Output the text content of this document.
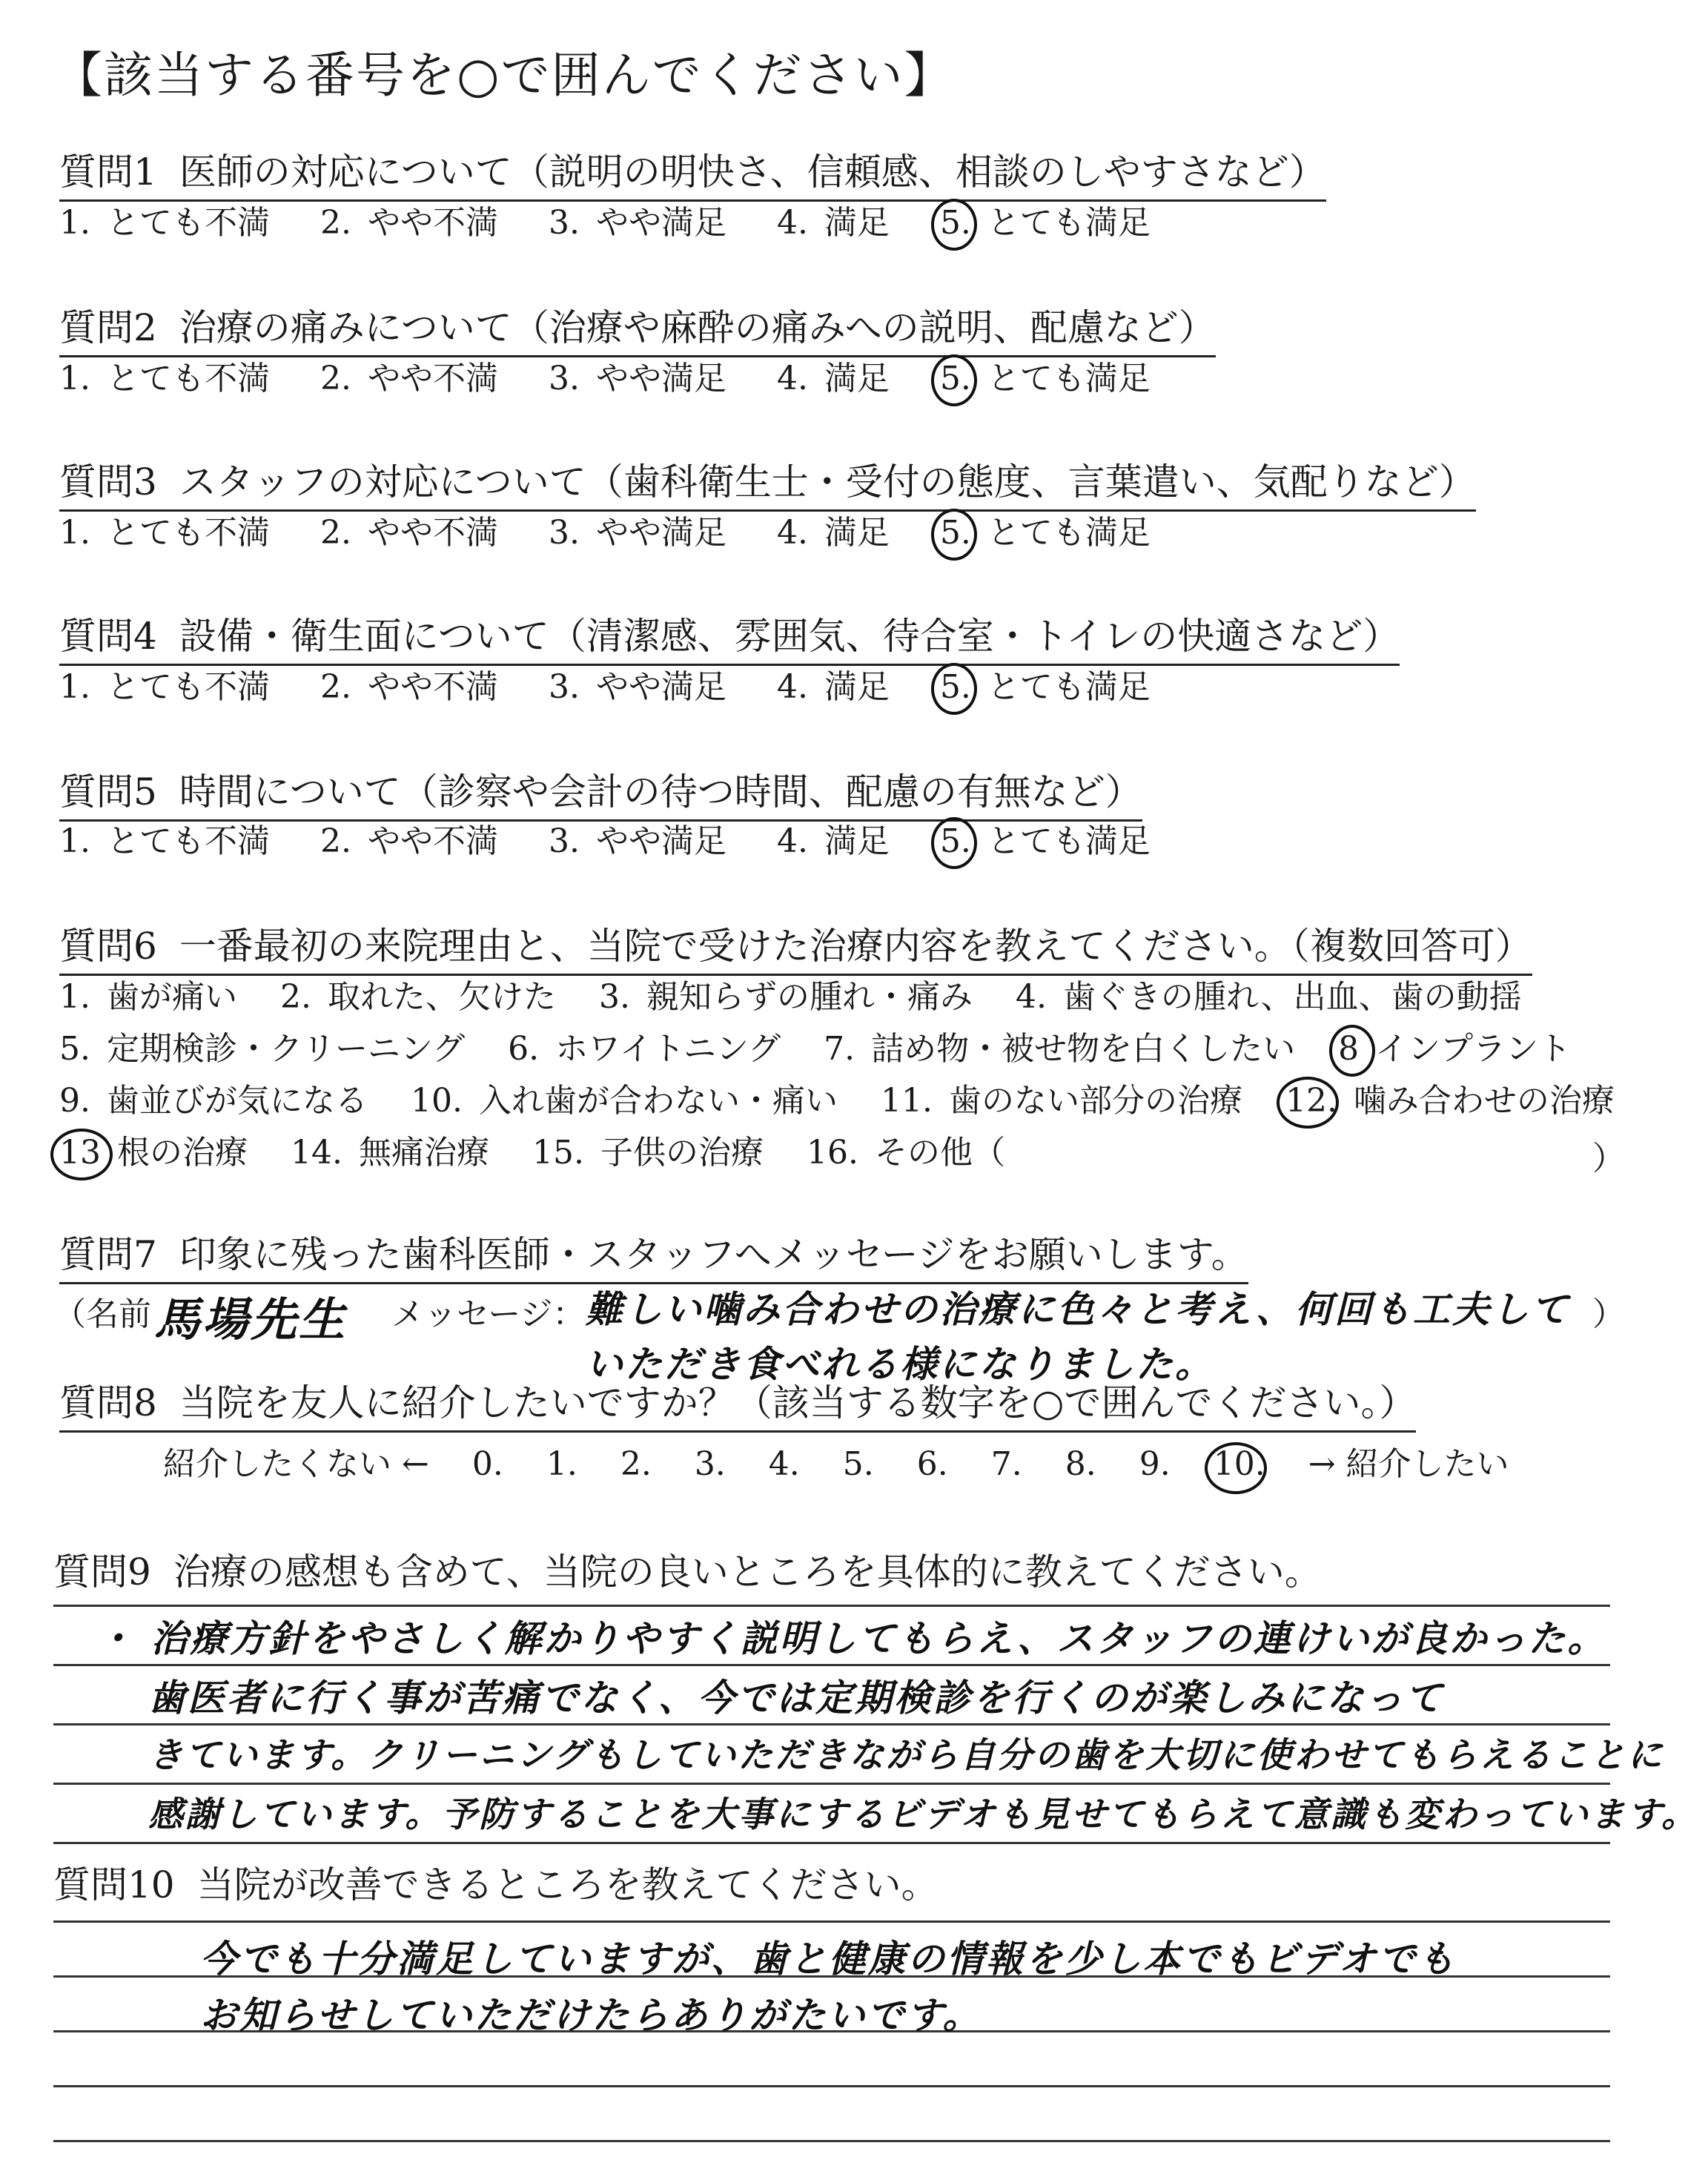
【該当する番号を○で囲んでください】
質問1 医師の対応について（説明の明快さ、信頼感、相談のしやすさなど）
1. とても不満 2. やや不満 3. やや満足 4. 満足 5. とても満足
質問2 治療の痛みについて（治療や麻酔の痛みへの説明、配慮など）
1. とても不満 2. やや不満 3. やや満足 4. 満足 5. とても満足
質問3 スタッフの対応について（歯科衛生士・受付の態度、言葉遣い、気配りなど）
1. とても不満 2. やや不満 3. やや満足 4. 満足 5. とても満足
質問4 設備・衛生面について（清潔感、雰囲気、待合室・トイレの快適さなど）
1. とても不満 2. やや不満 3. やや満足 4. 満足 5. とても満足
質問5 時間について（診察や会計の待つ時間、配慮の有無など）
1. とても不満 2. やや不満 3. やや満足 4. 満足 5. とても満足
質問6 一番最初の来院理由と、当院で受けた治療内容を教えてください。（複数回答可）
1. 歯が痛い 2. 取れた、欠けた 3. 親知らずの腫れ・痛み 4. 歯ぐきの腫れ、出血、歯の動揺
5. 定期検診・クリーニング 6. ホワイトニング 7. 詰め物・被せ物を白くしたい 8 インプラント
9. 歯並びが気になる 10. 入れ歯が合わない・痛い 11. 歯のない部分の治療 12. 噛み合わせの治療
13 根の治療 14. 無痛治療 15. 子供の治療 16. その他（	）
質問7 印象に残った歯科医師・スタッフへメッセージをお願いします。
（名前 馬場先生 メッセージ： 難しい噛み合わせの治療に色々と考え、何回も工夫して
いただき食べれる様になりました。
）
質問8 当院を友人に紹介したいですか？（該当する数字を○で囲んでください。）
紹介したくない ← 0. 1. 2. 3. 4. 5. 6. 7. 8. 9. 10. → 紹介したい
質問9 治療の感想も含めて、当院の良いところを具体的に教えてください。
・ 治療方針をやさしく解かりやすく説明してもらえ、スタッフの連けいが良かった。
歯医者に行く事が苦痛でなく、今では定期検診を行くのが楽しみになって
きています。クリーニングもしていただきながら自分の歯を大切に使わせてもらえることに
感謝しています。予防することを大事にするビデオも見せてもらえて意識も変わっています。
質問10 当院が改善できるところを教えてください。
今でも十分満足していますが、歯と健康の情報を少し本でもビデオでも
お知らせしていただけたらありがたいです。
